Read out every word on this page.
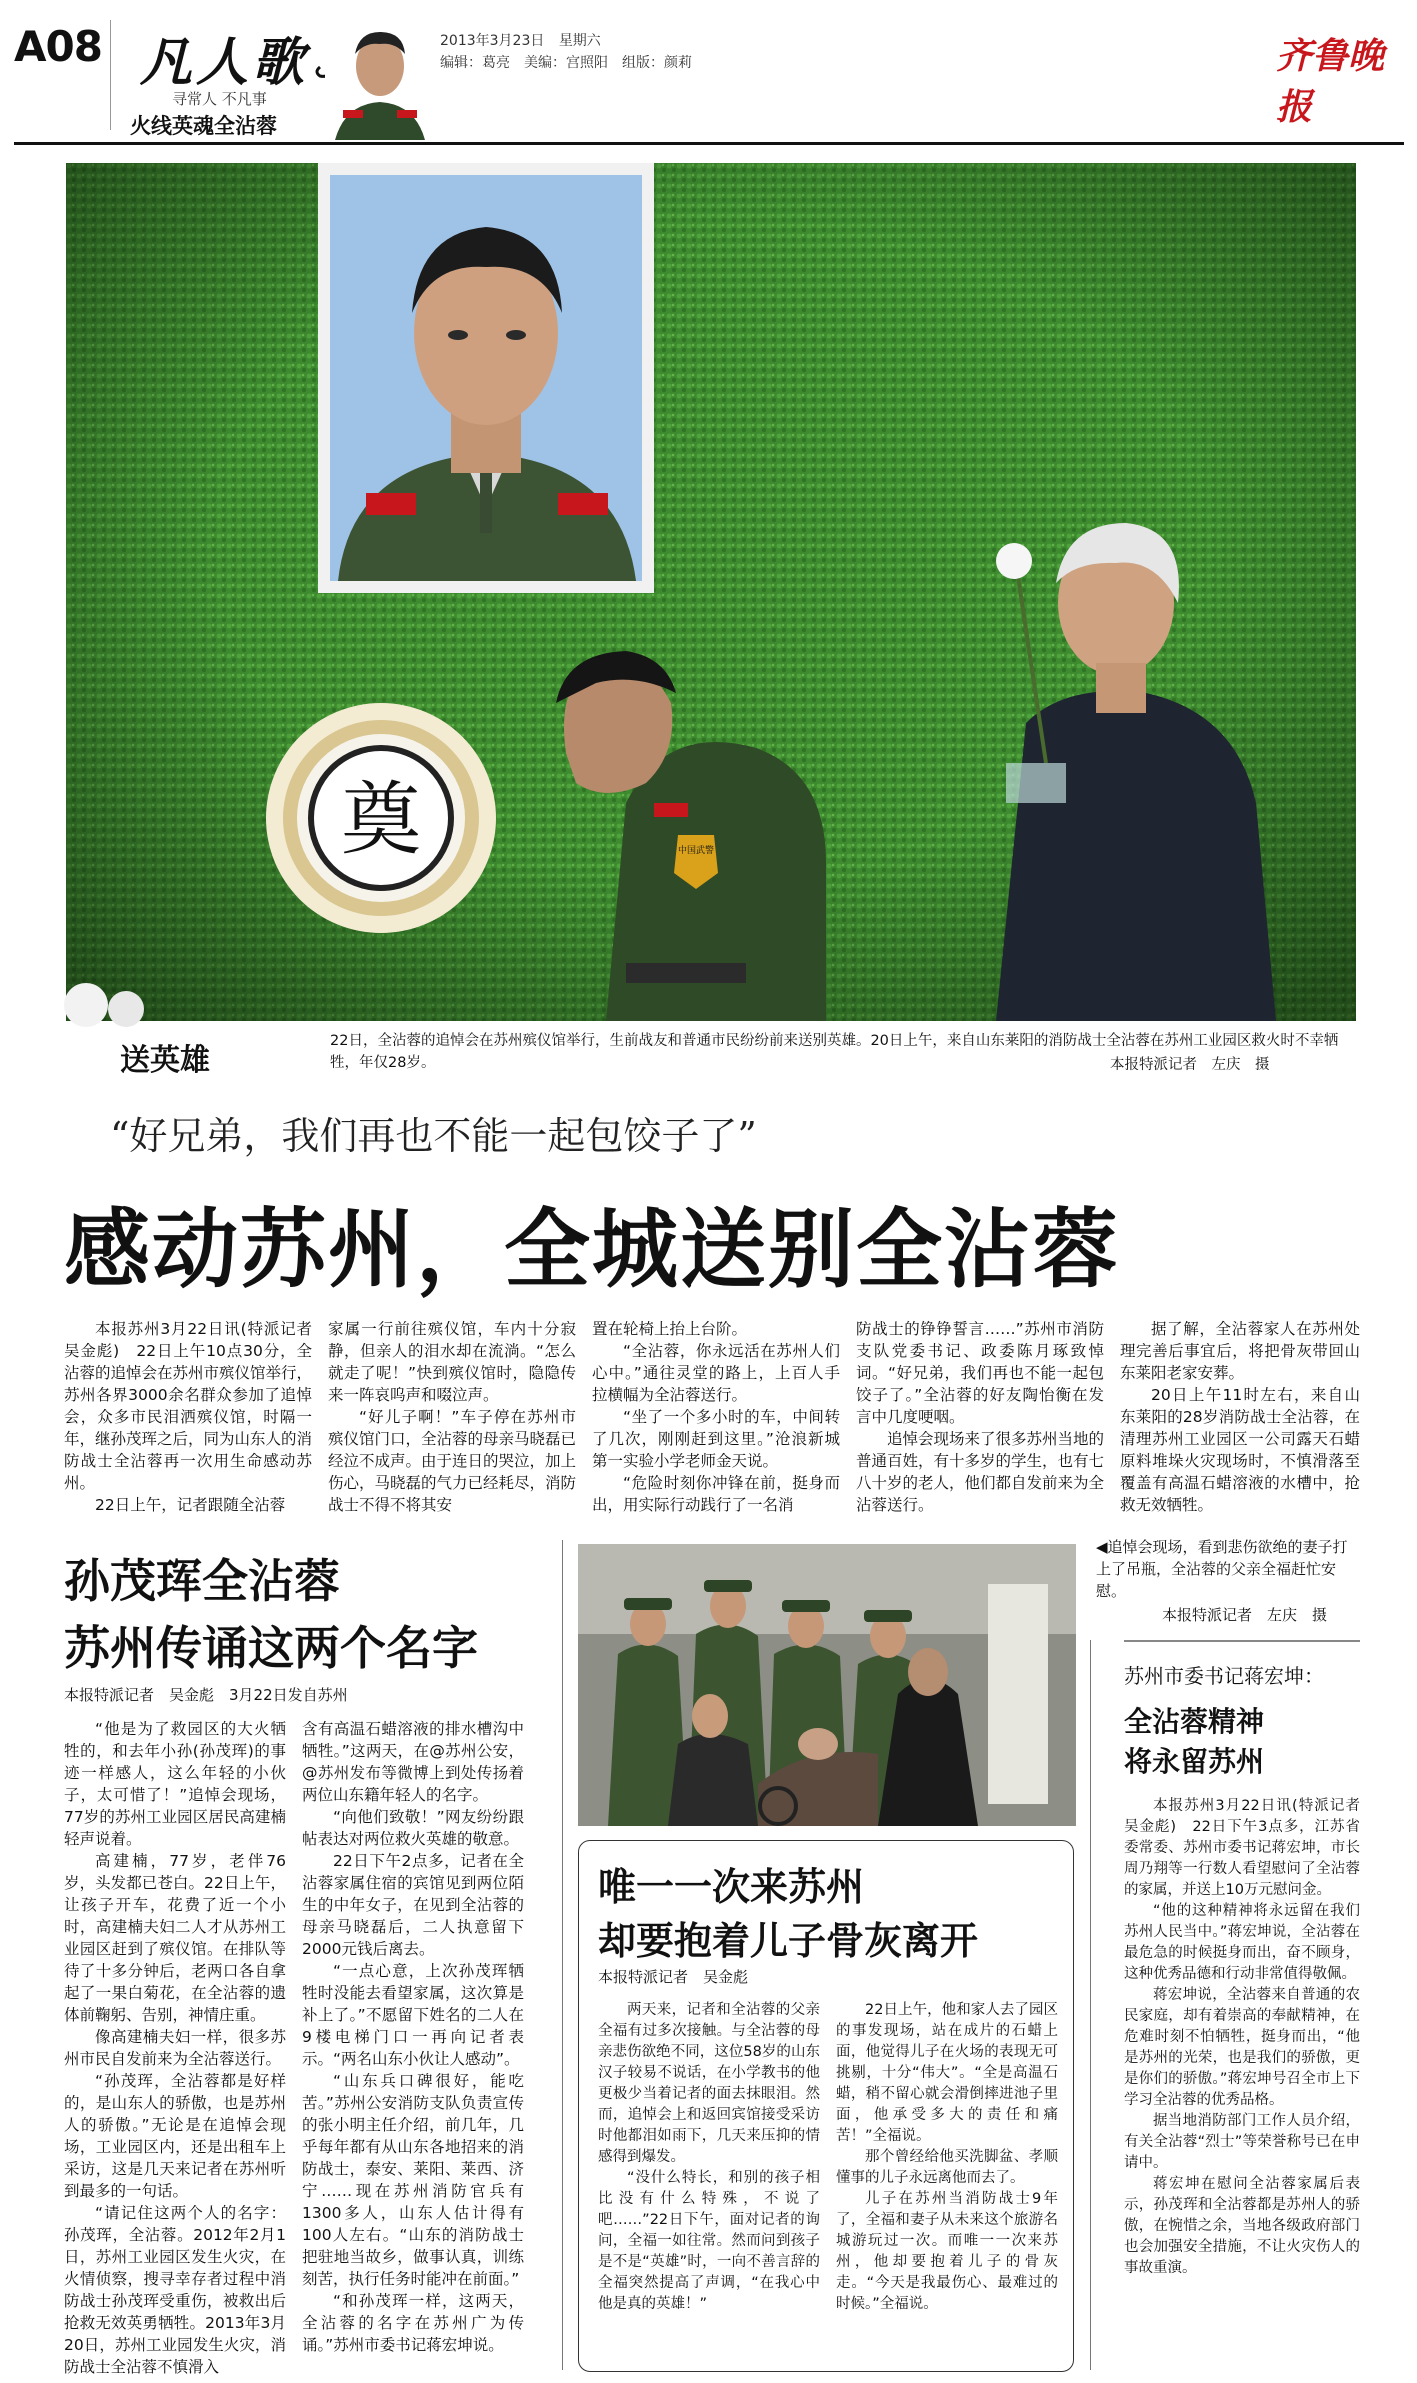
A08 凡人歌
寻常人 不凡事
火线英魂全沾蓉
2013年3月23日 星期六
编辑：葛亮　美编：宫照阳　组版：颜莉	齐鲁晚报
奠	中国武警
送英雄
22日，全沾蓉的追悼会在苏州殡仪馆举行，生前战友和普通市民纷纷前来送别英雄。20日上午，来自山东莱阳的消防战士全沾蓉在苏州工业园区救火时不幸牺牲，年仅28岁。	本报特派记者　左庆　摄
“好兄弟，我们再也不能一起包饺子了”
感动苏州，全城送别全沾蓉

本报苏州3月22日讯(特派记者　吴金彪)　22日上午10点30分，全沾蓉的追悼会在苏州市殡仪馆举行，苏州各界3000余名群众参加了追悼会，众多市民泪洒殡仪馆，时隔一年，继孙茂珲之后，同为山东人的消防战士全沾蓉再一次用生命感动苏州。

22日上午，记者跟随全沾蓉

家属一行前往殡仪馆，车内十分寂静，但亲人的泪水却在流淌。“怎么就走了呢！”快到殡仪馆时，隐隐传来一阵哀呜声和啜泣声。

“好儿子啊！”车子停在苏州市殡仪馆门口，全沾蓉的母亲马晓磊已经泣不成声。由于连日的哭泣，加上伤心，马晓磊的气力已经耗尽，消防战士不得不将其安

置在轮椅上抬上台阶。

“全沾蓉，你永远活在苏州人们心中。”通往灵堂的路上，上百人手拉横幅为全沾蓉送行。

“坐了一个多小时的车，中间转了几次，刚刚赶到这里。”沧浪新城第一实验小学老师金天说。

“危险时刻你冲锋在前，挺身而出，用实际行动践行了一名消

防战士的铮铮誓言……”苏州市消防支队党委书记、政委陈月琢致悼词。“好兄弟，我们再也不能一起包饺子了。”全沾蓉的好友陶怡衡在发言中几度哽咽。

追悼会现场来了很多苏州当地的普通百姓，有十多岁的学生，也有七八十岁的老人，他们都自发前来为全沾蓉送行。

据了解，全沾蓉家人在苏州处理完善后事宜后，将把骨灰带回山东莱阳老家安葬。

20日上午11时左右，来自山东莱阳的28岁消防战士全沾蓉，在清理苏州工业园区一公司露天石蜡原料堆垛火灾现场时，不慎滑落至覆盖有高温石蜡溶液的水槽中，抢救无效牺牲。

孙茂珲全沾蓉
苏州传诵这两个名字
本报特派记者　吴金彪　3月22日发自苏州

“他是为了救园区的大火牺牲的，和去年小孙(孙茂珲)的事迹一样感人，这么年轻的小伙子，太可惜了！”追悼会现场，77岁的苏州工业园区居民高建楠轻声说着。

高建楠，77岁，老伴76岁，头发都已苍白。22日上午，让孩子开车，花费了近一个小时，高建楠夫妇二人才从苏州工业园区赶到了殡仪馆。在排队等待了十多分钟后，老两口各自拿起了一果白菊花，在全沾蓉的遗体前鞠躬、告别，神情庄重。

像高建楠夫妇一样，很多苏州市民自发前来为全沾蓉送行。

“孙茂珲，全沾蓉都是好样的，是山东人的骄傲，也是苏州人的骄傲。”无论是在追悼会现场，工业园区内，还是出租车上采访，这是几天来记者在苏州听到最多的一句话。

“请记住这两个人的名字：孙茂珲，全沾蓉。2012年2月1日，苏州工业园区发生火灾，在火情侦察，搜寻幸存者过程中消防战士孙茂珲受重伤，被救出后抢救无效英勇牺牲。2013年3月20日，苏州工业园发生火灾，消防战士全沾蓉不慎滑入

含有高温石蜡溶液的排水槽沟中牺牲。”这两天，在@苏州公安，@苏州发布等微博上到处传扬着两位山东籍年轻人的名字。

“向他们致敬！”网友纷纷跟帖表达对两位救火英雄的敬意。

22日下午2点多，记者在全沾蓉家属住宿的宾馆见到两位陌生的中年女子，在见到全沾蓉的母亲马晓磊后，二人执意留下2000元钱后离去。

“一点心意，上次孙茂珲牺牲时没能去看望家属，这次算是补上了。”不愿留下姓名的二人在9楼电梯门口一再向记者表示。“两名山东小伙让人感动”。

“山东兵口碑很好，能吃苦。”苏州公安消防支队负责宣传的张小明主任介绍，前几年，几乎每年都有从山东各地招来的消防战士，泰安、莱阳、莱西、济宁……现在苏州消防官兵有1300多人，山东人估计得有100人左右。“山东的消防战士把驻地当故乡，做事认真，训练刻苦，执行任务时能冲在前面。”

“和孙茂珲一样，这两天，全沾蓉的名字在苏州广为传诵。”苏州市委书记蒋宏坤说。

◀追悼会现场，看到悲伤欲绝的妻子打上了吊瓶，全沾蓉的父亲全福赶忙安慰。
本报特派记者　左庆　摄
唯一一次来苏州
却要抱着儿子骨灰离开
本报特派记者　吴金彪

两天来，记者和全沾蓉的父亲全福有过多次接触。与全沾蓉的母亲悲伤欲绝不同，这位58岁的山东汉子较易不说话，在小学教书的他更极少当着记者的面去抹眼泪。然而，追悼会上和返回宾馆接受采访时他都泪如雨下，几天来压抑的情感得到爆发。

“没什么特长，和别的孩子相比没有什么特殊，不说了吧……”22日下午，面对记者的询问，全福一如往常。然而问到孩子是不是“英雄”时，一向不善言辞的全福突然提高了声调，“在我心中他是真的英雄！”

22日上午，他和家人去了园区的事发现场，站在成片的石蜡上面，他觉得儿子在火场的表现无可挑剔，十分“伟大”。“全是高温石蜡，稍不留心就会滑倒摔进池子里面，他承受多大的责任和痛苦！”全福说。

那个曾经给他买洗脚盆、孝顺懂事的儿子永远离他而去了。

儿子在苏州当消防战士9年了，全福和妻子从未来这个旅游名城游玩过一次。而唯一一次来苏州，他却要抱着儿子的骨灰走。“今天是我最伤心、最难过的时候。”全福说。

苏州市委书记蒋宏坤：
全沾蓉精神
将永留苏州

本报苏州3月22日讯(特派记者　吴金彪)　22日下午3点多，江苏省委常委、苏州市委书记蒋宏坤，市长周乃翔等一行数人看望慰问了全沾蓉的家属，并送上10万元慰问金。

“他的这种精神将永远留在我们苏州人民当中。”蒋宏坤说，全沾蓉在最危急的时候挺身而出，奋不顾身，这种优秀品德和行动非常值得敬佩。

蒋宏坤说，全沾蓉来自普通的农民家庭，却有着崇高的奉献精神，在危难时刻不怕牺牲，挺身而出，“他是苏州的光荣，也是我们的骄傲，更是你们的骄傲。”蒋宏坤号召全市上下学习全沾蓉的优秀品格。

据当地消防部门工作人员介绍，有关全沾蓉“烈士”等荣誉称号已在申请中。

蒋宏坤在慰问全沾蓉家属后表示，孙茂珲和全沾蓉都是苏州人的骄傲，在惋惜之余，当地各级政府部门也会加强安全措施，不让火灾伤人的事故重演。
